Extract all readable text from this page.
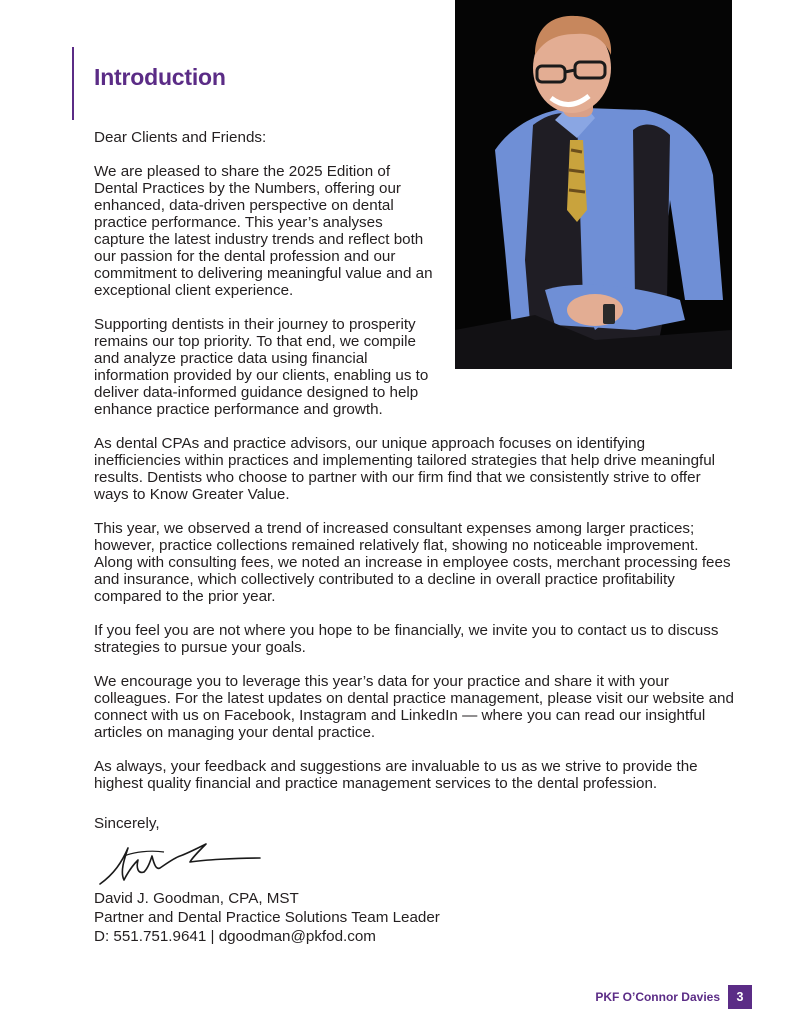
Introduction

Dear Clients and Friends:

We are pleased to share the 2025 Edition of Dental Practices by the Numbers, offering our enhanced, data-driven perspective on dental practice performance. This year’s analyses capture the latest industry trends and reflect both our passion for the dental profession and our commitment to delivering meaningful value and an exceptional client experience.

Supporting dentists in their journey to prosperity remains our top priority. To that end, we compile and analyze practice data using financial information provided by our clients, enabling us to deliver data-informed guidance designed to help enhance practice performance and growth.

As dental CPAs and practice advisors, our unique approach focuses on identifying inefficiencies within practices and implementing tailored strategies that help drive meaningful results. Dentists who choose to partner with our firm find that we consistently strive to offer ways to Know Greater Value.

This year, we observed a trend of increased consultant expenses among larger practices; however, practice collections remained relatively flat, showing no noticeable improvement. Along with consulting fees, we noted an increase in employee costs, merchant processing fees and insurance, which collectively contributed to a decline in overall practice profitability compared to the prior year.

If you feel you are not where you hope to be financially, we invite you to contact us to discuss strategies to pursue your goals.

We encourage you to leverage this year’s data for your practice and share it with your colleagues. For the latest updates on dental practice management, please visit our website and connect with us on Facebook, Instagram and LinkedIn — where you can read our insightful articles on managing your dental practice.

As always, your feedback and suggestions are invaluable to us as we strive to provide the highest quality financial and practice management services to the dental profession.

Sincerely,

David J. Goodman, CPA, MST

Partner and Dental Practice Solutions Team Leader

D: 551.751.9641 | dgoodman@pkfod.com

PKF O’Connor Davies	3
